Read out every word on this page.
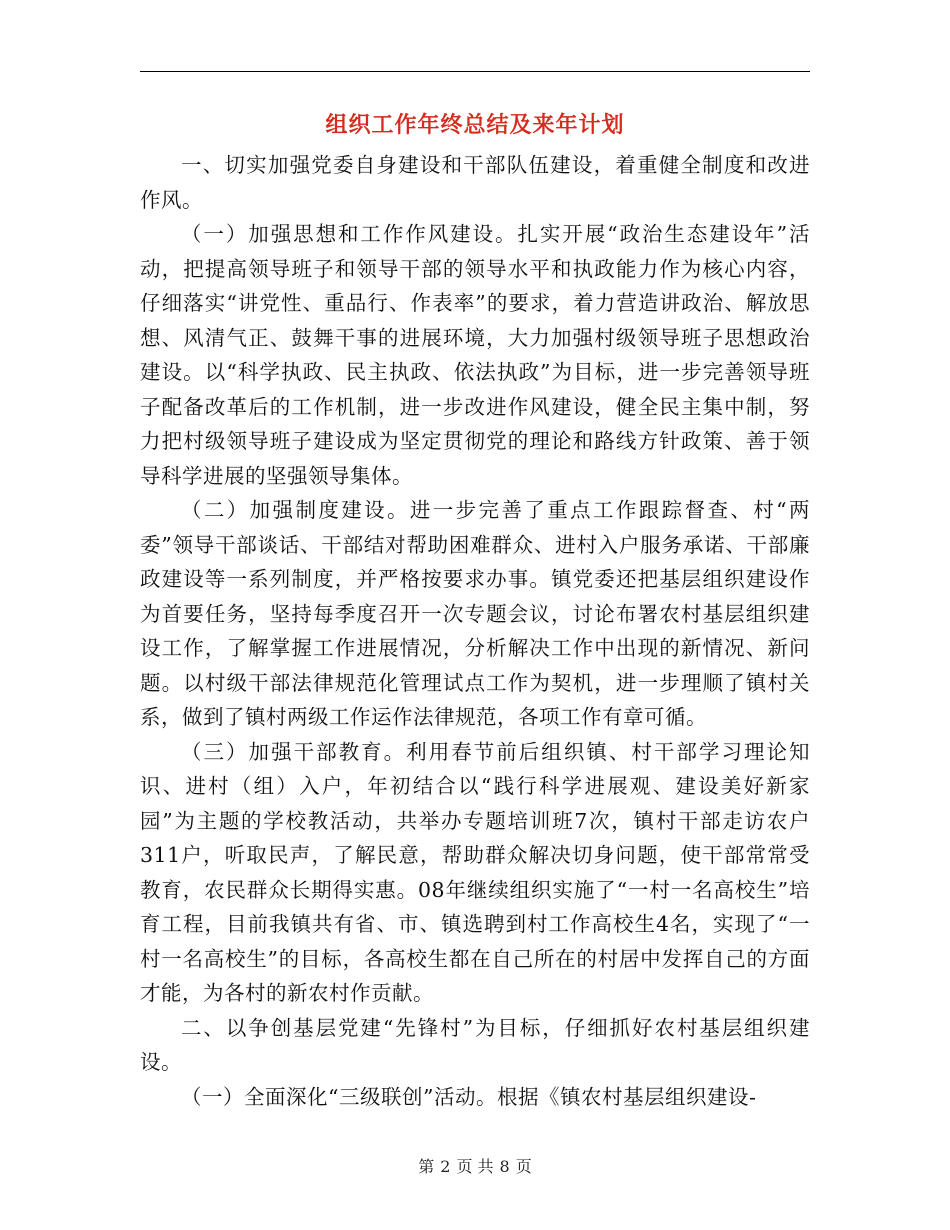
组织工作年终总结及来年计划

一、切实加强党委自身建设和干部队伍建设，着重健全制度和改进作风。

（一）加强思想和工作作风建设。扎实开展“政治生态建设年”活动，把提高领导班子和领导干部的领导水平和执政能力作为核心内容，仔细落实“讲党性、重品行、作表率”的要求，着力营造讲政治、解放思想、风清气正、鼓舞干事的进展环境，大力加强村级领导班子思想政治建设。以“科学执政、民主执政、依法执政”为目标，进一步完善领导班子配备改革后的工作机制，进一步改进作风建设，健全民主集中制，努力把村级领导班子建设成为坚定贯彻党的理论和路线方针政策、善于领导科学进展的坚强领导集体。

（二）加强制度建设。进一步完善了重点工作跟踪督查、村“两委”领导干部谈话、干部结对帮助困难群众、进村入户服务承诺、干部廉政建设等一系列制度，并严格按要求办事。镇党委还把基层组织建设作为首要任务，坚持每季度召开一次专题会议，讨论布署农村基层组织建设工作，了解掌握工作进展情况，分析解决工作中出现的新情况、新问题。以村级干部法律规范化管理试点工作为契机，进一步理顺了镇村关系，做到了镇村两级工作运作法律规范，各项工作有章可循。

（三）加强干部教育。利用春节前后组织镇、村干部学习理论知识、进村（组）入户，年初结合以“践行科学进展观、建设美好新家园”为主题的学校教活动，共举办专题培训班7次，镇村干部走访农户311户，听取民声，了解民意，帮助群众解决切身问题，使干部常常受教育，农民群众长期得实惠。08年继续组织实施了“一村一名高校生”培育工程，目前我镇共有省、市、镇选聘到村工作高校生4名，实现了“一村一名高校生”的目标，各高校生都在自己所在的村居中发挥自己的方面才能，为各村的新农村作贡献。

二、以争创基层党建“先锋村”为目标，仔细抓好农村基层组织建设。

（一）全面深化“三级联创”活动。根据《镇农村基层组织建设-

第 2 页 共 8 页
